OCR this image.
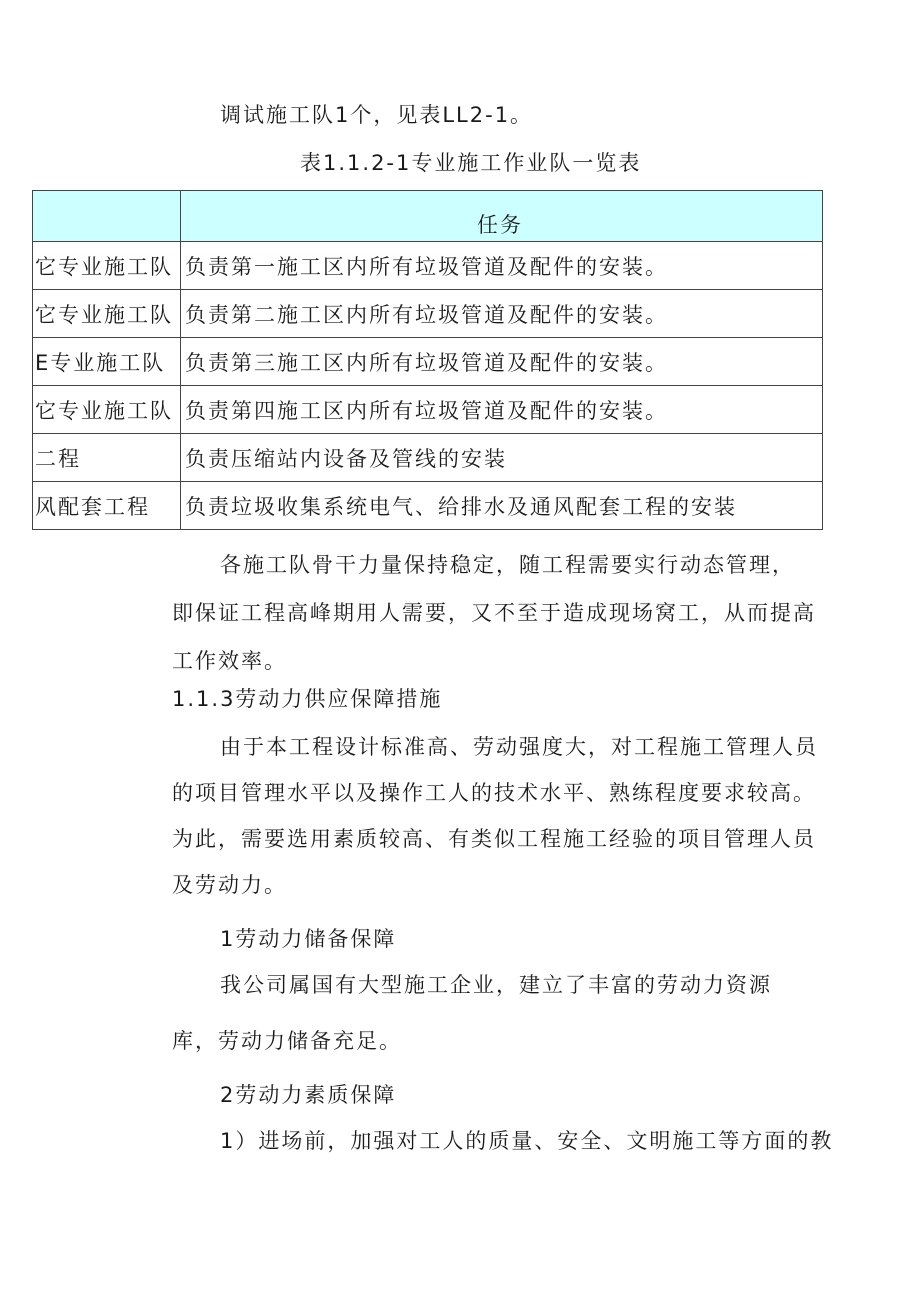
调试施工队1个，见表LL2-1。
表1.1.2-1专业施工作业队一览表
	任务
它专业施工队	负责第一施工区内所有垃圾管道及配件的安装。
它专业施工队	负责第二施工区内所有垃圾管道及配件的安装。
E专业施工队	负责第三施工区内所有垃圾管道及配件的安装。
它专业施工队	负责第四施工区内所有垃圾管道及配件的安装。
二程	负责压缩站内设备及管线的安装
风配套工程	负责垃圾收集系统电气、给排水及通风配套工程的安装
各施工队骨干力量保持稳定，随工程需要实行动态管理，
即保证工程高峰期用人需要，又不至于造成现场窝工，从而提高
工作效率。
1.1.3劳动力供应保障措施
由于本工程设计标准高、劳动强度大，对工程施工管理人员
的项目管理水平以及操作工人的技术水平、熟练程度要求较高。
为此，需要选用素质较高、有类似工程施工经验的项目管理人员
及劳动力。
1劳动力储备保障
我公司属国有大型施工企业，建立了丰富的劳动力资源
库，劳动力储备充足。
2劳动力素质保障
1）进场前，加强对工人的质量、安全、文明施工等方面的教
